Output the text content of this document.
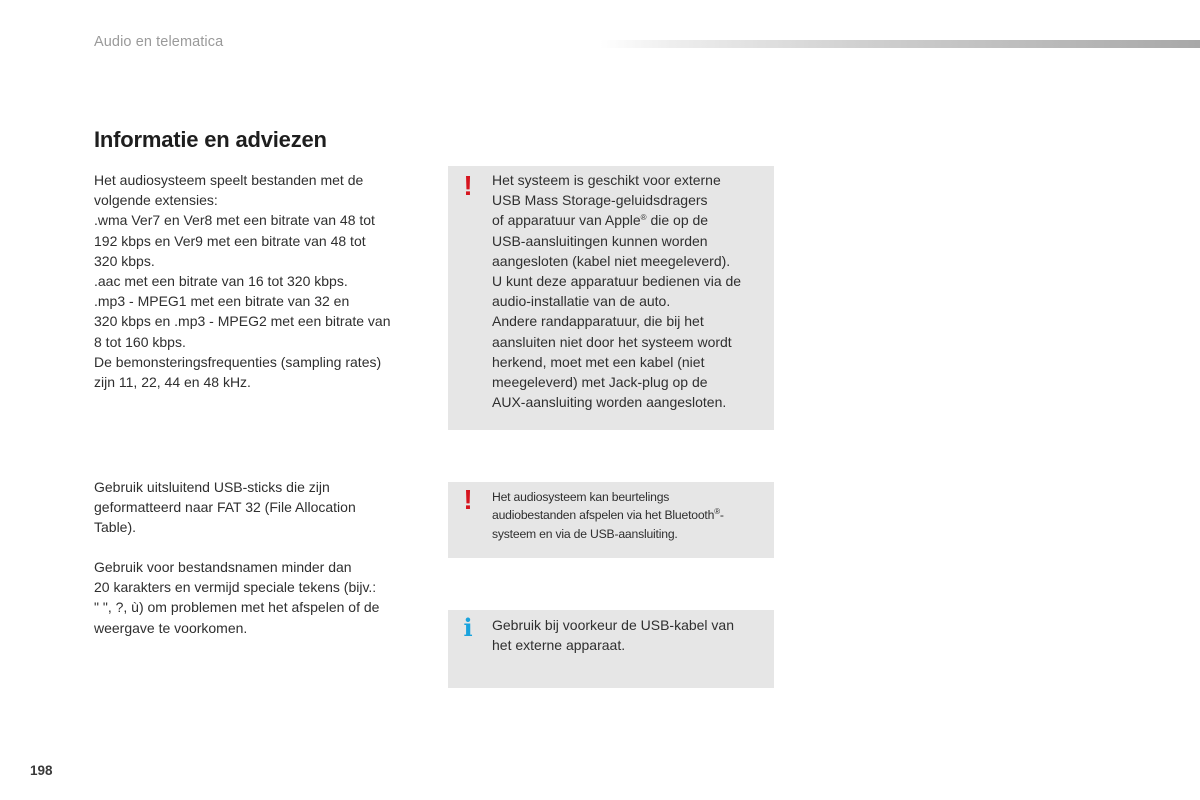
Audio en telematica
Informatie en adviezen

Het audiosysteem speelt bestanden met de
volgende extensies:
.wma Ver7 en Ver8 met een bitrate van 48 tot
192 kbps en Ver9 met een bitrate van 48 tot
320 kbps.
.aac met een bitrate van 16 tot 320 kbps.
.mp3 - MPEG1 met een bitrate van 32 en
320 kbps en .mp3 - MPEG2 met een bitrate van
8 tot 160 kbps.
De bemonsteringsfrequenties (sampling rates)
zijn 11, 22, 44 en 48 kHz.

Gebruik uitsluitend USB-sticks die zijn
geformatteerd naar FAT 32 (File Allocation
Table).

Gebruik voor bestandsnamen minder dan
20 karakters en vermijd speciale tekens (bijv.:
" ", ?, ù) om problemen met het afspelen of de
weergave te voorkomen.

! Het systeem is geschikt voor externe
USB Mass Storage-geluidsdragers
of apparatuur van Apple® die op de
USB-aansluitingen kunnen worden
aangesloten (kabel niet meegeleverd).
U kunt deze apparatuur bedienen via de
audio-installatie van de auto.
Andere randapparatuur, die bij het
aansluiten niet door het systeem wordt
herkend, moet met een kabel (niet
meegeleverd) met Jack-plug op de
AUX-aansluiting worden aangesloten.

! Het audiosysteem kan beurtelings
audiobestanden afspelen via het Bluetooth®-
systeem en via de USB-aansluiting.

i Gebruik bij voorkeur de USB-kabel van
het externe apparaat.

198
